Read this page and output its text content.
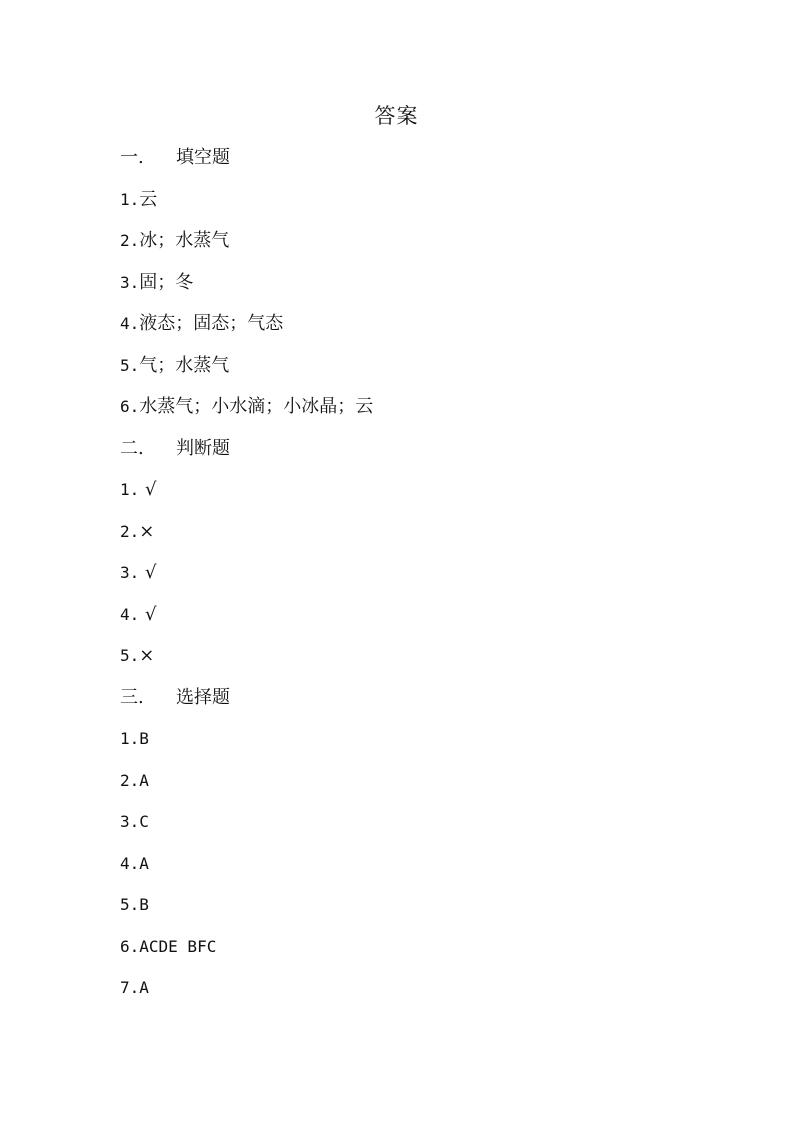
答案
一. 填空题
1.云
2.冰；水蒸气
3.固；冬
4.液态；固态；气态
5.气；水蒸气
6.水蒸气；小水滴；小冰晶；云
二. 判断题
1. √
2.×
3. √
4. √
5.×
三. 选择题
1.B
2.A
3.C
4.A
5.B
6.ACDE BFC
7.A
